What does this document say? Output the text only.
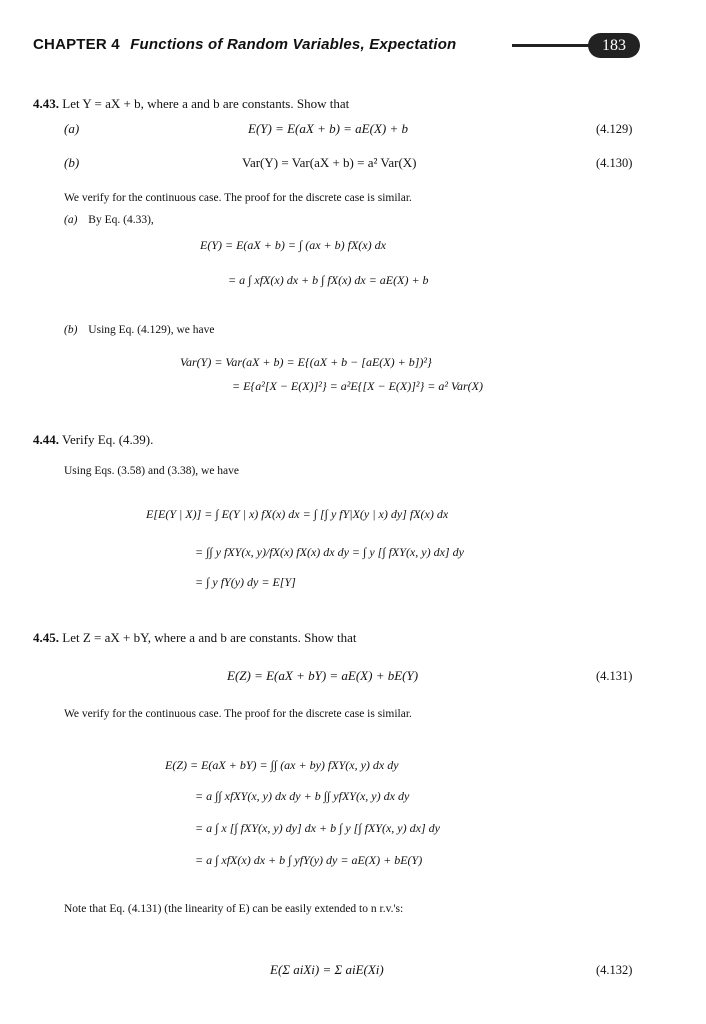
CHAPTER 4 Functions of Random Variables, Expectation	183
4.43. Let Y = aX + b, where a and b are constants. Show that
(a)	E(Y) = E(aX + b) = aE(X) + b	(4.129)
(b)	Var(Y) = Var(aX + b) = a² Var(X)	(4.130)
We verify for the continuous case. The proof for the discrete case is similar.
(a) By Eq. (4.33),
E(Y) = E(aX + b) = ∫ (ax + b) fX(x) dx
= a ∫ xfX(x) dx + b ∫ fX(x) dx = aE(X) + b
(b) Using Eq. (4.129), we have
Var(Y) = Var(aX + b) = E{(aX + b − [aE(X) + b])²}
= E{a²[X − E(X)]²} = a²E{[X − E(X)]²} = a² Var(X)
4.44. Verify Eq. (4.39).
Using Eqs. (3.58) and (3.38), we have
E[E(Y | X)] = ∫ E(Y | x) fX(x) dx = ∫ [∫ y fY|X(y | x) dy] fX(x) dx
= ∫∫ y fXY(x, y)/fX(x) fX(x) dx dy = ∫ y [∫ fXY(x, y) dx] dy
= ∫ y fY(y) dy = E[Y]
4.45. Let Z = aX + bY, where a and b are constants. Show that
E(Z) = E(aX + bY) = aE(X) + bE(Y)	(4.131)
We verify for the continuous case. The proof for the discrete case is similar.
E(Z) = E(aX + bY) = ∫∫ (ax + by) fXY(x, y) dx dy
= a ∫∫ xfXY(x, y) dx dy + b ∫∫ yfXY(x, y) dx dy
= a ∫ x [∫ fXY(x, y) dy] dx + b ∫ y [∫ fXY(x, y) dx] dy
= a ∫ xfX(x) dx + b ∫ yfY(y) dy = aE(X) + bE(Y)
Note that Eq. (4.131) (the linearity of E) can be easily extended to n r.v.'s:
E(Σ aiXi) = Σ aiE(Xi)	(4.132)
